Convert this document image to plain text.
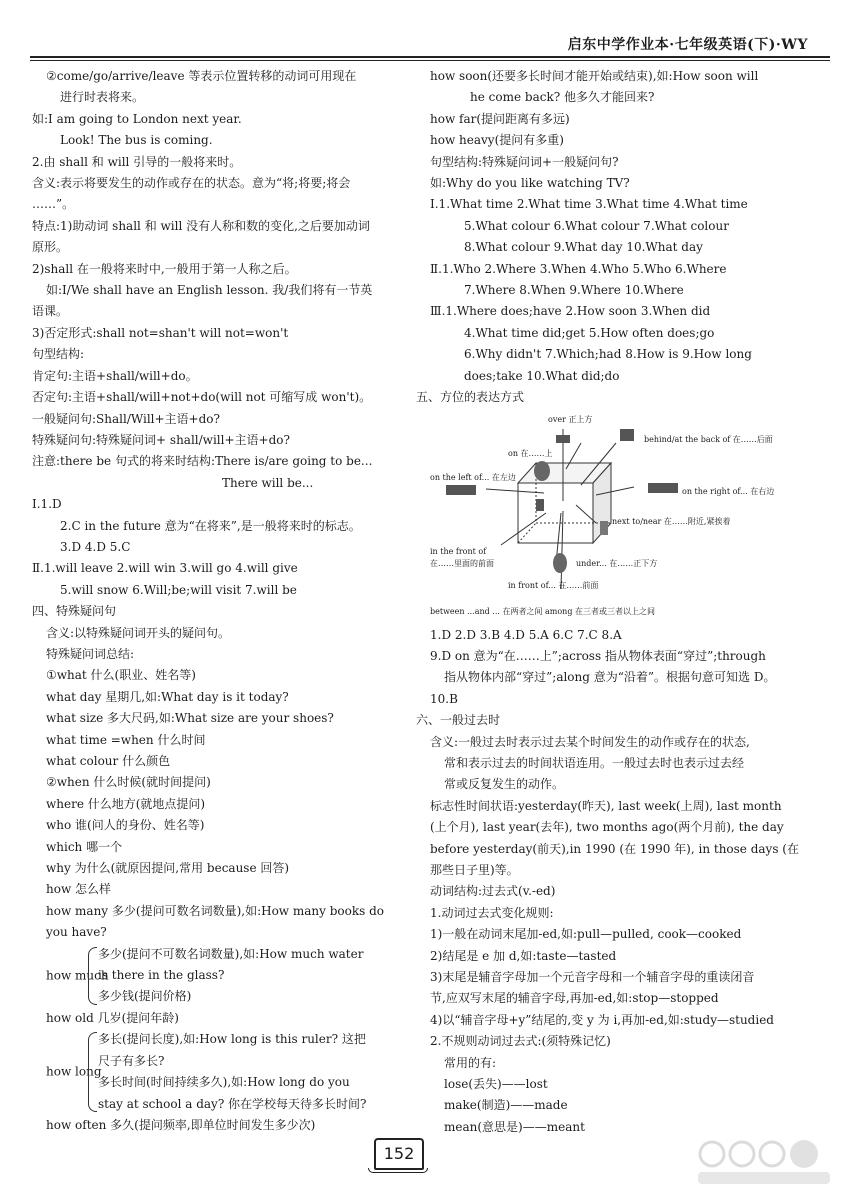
启东中学作业本·七年级英语(下)·WY
②come/go/arrive/leave 等表示位置转移的动词可用现在
进行时表将来。
如:I am going to London next year.
Look! The bus is coming.
2.由 shall 和 will 引导的一般将来时。
含义:表示将要发生的动作或存在的状态。意为“将;将要;将会
……”。
特点:1)助动词 shall 和 will 没有人称和数的变化,之后要加动词
原形。
2)shall 在一般将来时中,一般用于第一人称之后。
如:I/We shall have an English lesson. 我/我们将有一节英
语课。
3)否定形式:shall not=shan't will not=won't
句型结构:
肯定句:主语+shall/will+do。
否定句:主语+shall/will+not+do(will not 可缩写成 won't)。
一般疑问句:Shall/Will+主语+do?
特殊疑问句:特殊疑问词+ shall/will+主语+do?
注意:there be 句式的将来时结构:There is/are going to be...
There will be...
Ⅰ.1.D
2.C in the future 意为“在将来”,是一般将来时的标志。
3.D 4.D 5.C
Ⅱ.1.will leave 2.will win 3.will go 4.will give
5.will snow 6.Will;be;will visit 7.will be
四、特殊疑问句
含义:以特殊疑问词开头的疑问句。
特殊疑问词总结:
①what 什么(职业、姓名等)
what day 星期几,如:What day is it today?
what size 多大尺码,如:What size are your shoes?
what time =when 什么时间
what colour 什么颜色
②when 什么时候(就时间提问)
where 什么地方(就地点提问)
who 谁(问人的身份、姓名等)
which 哪一个
why 为什么(就原因提问,常用 because 回答)
how 怎么样
how many 多少(提问可数名词数量),如:How many books do
you have?
how much
多少(提问不可数名词数量),如:How much water
is there in the glass?
多少钱(提问价格)
how old 几岁(提问年龄)
how long
多长(提问长度),如:How long is this ruler? 这把
尺子有多长?
多长时间(时间持续多久),如:How long do you
stay at school a day? 你在学校每天待多长时间?
how often 多久(提问频率,即单位时间发生多少次)
how soon(还要多长时间才能开始或结束),如:How soon will
he come back? 他多久才能回来?
how far(提问距离有多远)
how heavy(提问有多重)
句型结构:特殊疑问词+一般疑问句?
如:Why do you like watching TV?
Ⅰ.1.What time 2.What time 3.What time 4.What time
5.What colour 6.What colour 7.What colour
8.What colour 9.What day 10.What day
Ⅱ.1.Who 2.Where 3.When 4.Who 5.Who 6.Where
7.Where 8.When 9.Where 10.Where
Ⅲ.1.Where does;have 2.How soon 3.When did
4.What time did;get 5.How often does;go
6.Why didn't 7.Which;had 8.How is 9.How long
does;take 10.What did;do
五、方位的表达方式
over 正上方
on 在……上
behind/at the back of 在……后面
on the left of... 在左边
on the right of... 在右边
next to/near 在……附近,紧挨着
in the front of
在……里面的前面	under... 在……正下方
in front of... 在……前面
between ...and ... 在两者之间 among 在三者或三者以上之间
1.D 2.D 3.B 4.D 5.A 6.C 7.C 8.A
9.D on 意为“在……上”;across 指从物体表面“穿过”;through
指从物体内部“穿过”;along 意为“沿着”。根据句意可知选 D。
10.B
六、一般过去时
含义:一般过去时表示过去某个时间发生的动作或存在的状态,
常和表示过去的时间状语连用。一般过去时也表示过去经
常或反复发生的动作。
标志性时间状语:yesterday(昨天), last week(上周), last month
(上个月), last year(去年), two months ago(两个月前), the day
before yesterday(前天),in 1990 (在 1990 年), in those days (在
那些日子里)等。
动词结构:过去式(v.-ed)
1.动词过去式变化规则:
1)一般在动词末尾加-ed,如:pull—pulled, cook—cooked
2)结尾是 e 加 d,如:taste—tasted
3)末尾是辅音字母加一个元音字母和一个辅音字母的重读闭音
节,应双写末尾的辅音字母,再加-ed,如:stop—stopped
4)以“辅音字母+y”结尾的,变 y 为 i,再加-ed,如:study—studied
2.不规则动词过去式:(须特殊记忆)
常用的有:
lose(丢失)——lost
make(制造)——made
mean(意思是)——meant
152
